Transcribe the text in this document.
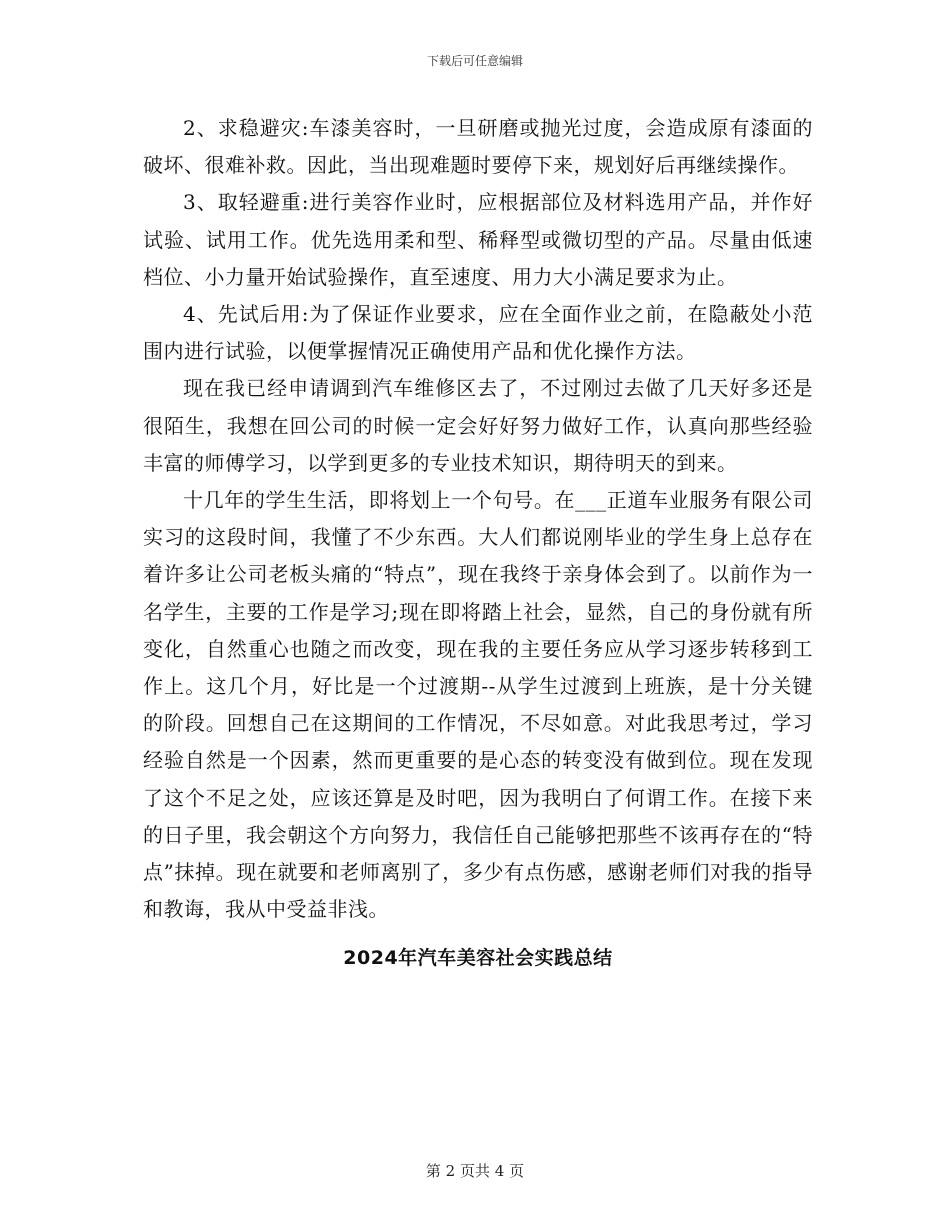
下载后可任意编辑

2、求稳避灾:车漆美容时，一旦研磨或抛光过度，会造成原有漆面的破坏、很难补救。因此，当出现难题时要停下来，规划好后再继续操作。

3、取轻避重:进行美容作业时，应根据部位及材料选用产品，并作好试验、试用工作。优先选用柔和型、稀释型或微切型的产品。尽量由低速档位、小力量开始试验操作，直至速度、用力大小满足要求为止。

4、先试后用:为了保证作业要求，应在全面作业之前，在隐蔽处小范围内进行试验，以便掌握情况正确使用产品和优化操作方法。

现在我已经申请调到汽车维修区去了，不过刚过去做了几天好多还是很陌生，我想在回公司的时候一定会好好努力做好工作，认真向那些经验丰富的师傅学习，以学到更多的专业技术知识，期待明天的到来。

十几年的学生生活，即将划上一个句号。在___正道车业服务有限公司实习的这段时间，我懂了不少东西。大人们都说刚毕业的学生身上总存在着许多让公司老板头痛的“特点”，现在我终于亲身体会到了。以前作为一名学生，主要的工作是学习;现在即将踏上社会，显然，自己的身份就有所变化，自然重心也随之而改变，现在我的主要任务应从学习逐步转移到工作上。这几个月，好比是一个过渡期--从学生过渡到上班族，是十分关键的阶段。回想自己在这期间的工作情况，不尽如意。对此我思考过，学习经验自然是一个因素，然而更重要的是心态的转变没有做到位。现在发现了这个不足之处，应该还算是及时吧，因为我明白了何谓工作。在接下来的日子里，我会朝这个方向努力，我信任自己能够把那些不该再存在的“特点”抹掉。现在就要和老师离别了，多少有点伤感，感谢老师们对我的指导和教诲，我从中受益非浅。

2024年汽车美容社会实践总结
第 2 页共 4 页
